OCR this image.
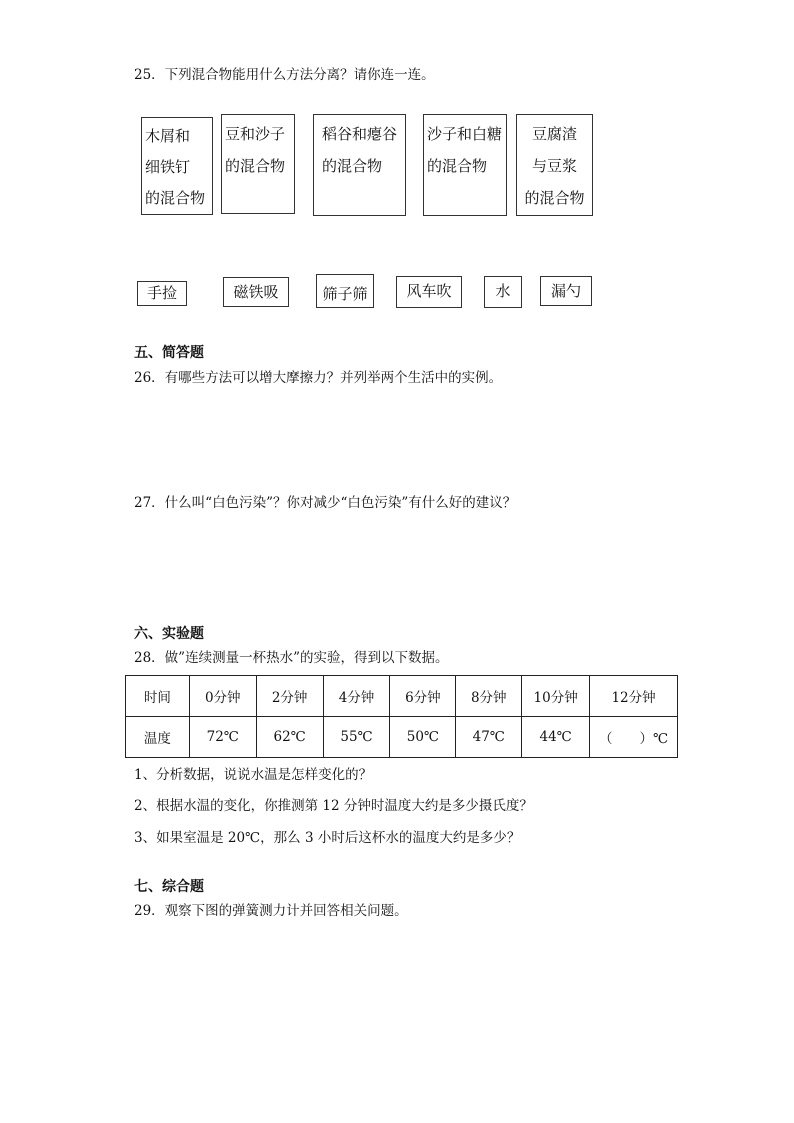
25．下列混合物能用什么方法分离？请你连一连。
木屑和
细铁钉
的混合物
豆和沙子
的混合物
稻谷和瘪谷
的混合物
沙子和白糖
的混合物
豆腐渣
与豆浆
的混合物
手捡	磁铁吸	筛子筛	风车吹	水	漏勺
五、简答题
26．有哪些方法可以增大摩擦力？并列举两个生活中的实例。
27．什么叫“白色污染”？你对减少“白色污染”有什么好的建议？
六、实验题
28．做”连续测量一杯热水”的实验，得到以下数据。
时间	0分钟	2分钟	4分钟	6分钟	8分钟	10分钟	12分钟
温度	72℃	62℃	55℃	50℃	47℃	44℃	（　　）℃
1、分析数据，说说水温是怎样变化的？
2、根据水温的变化，你推测第 12 分钟时温度大约是多少摄氏度？
3、如果室温是 20℃，那么 3 小时后这杯水的温度大约是多少？
七、综合题
29．观察下图的弹簧测力计并回答相关问题。
